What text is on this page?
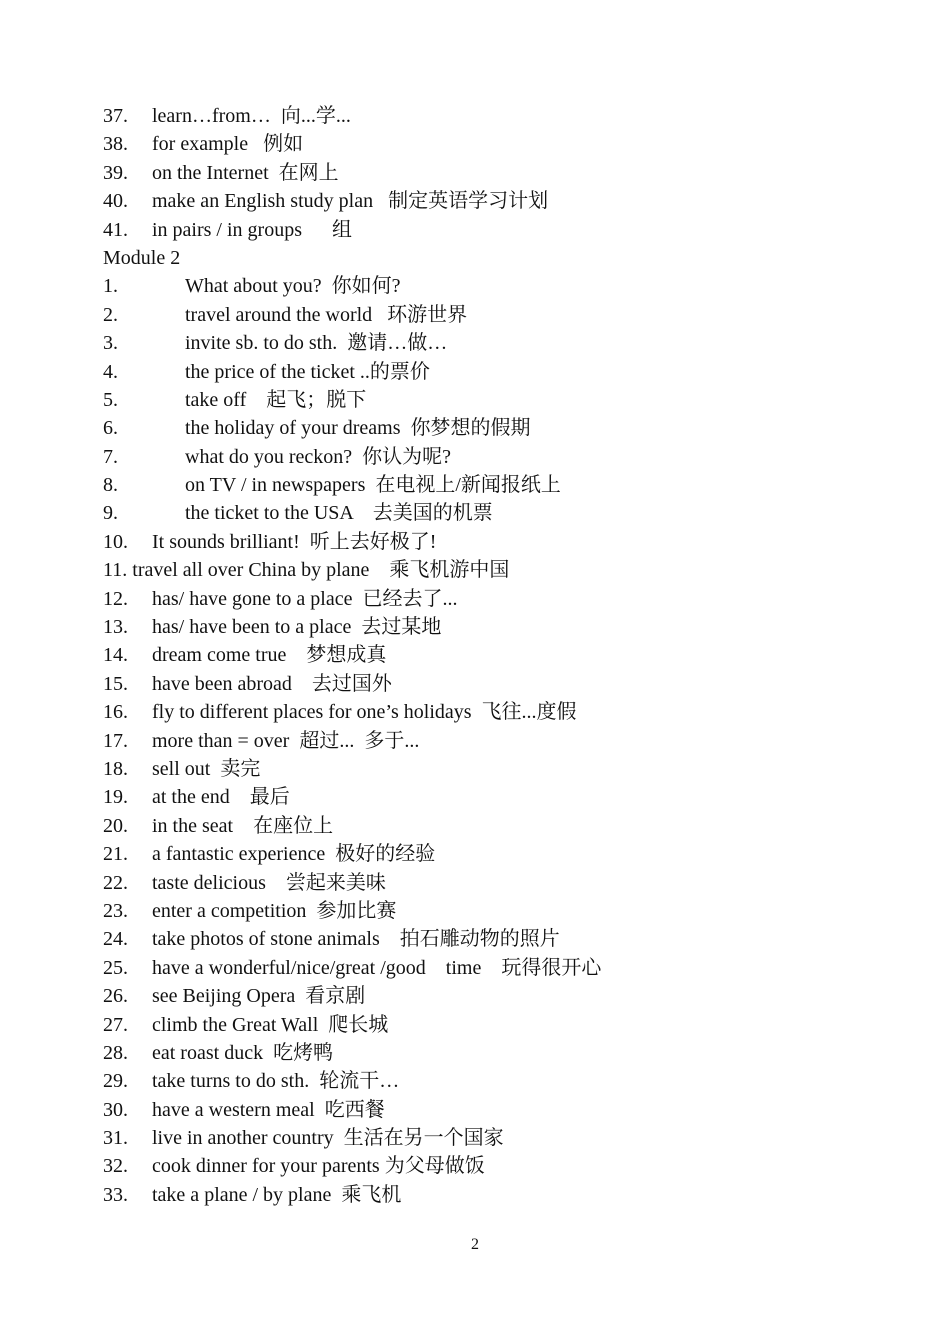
37. learn…from…  向...学...
38. for example   例如
39. on the Internet  在网上
40. make an English study plan   制定英语学习计划
41. in pairs / in groups      组
Module 2
1.	What about you?  你如何?
2.	travel around the world   环游世界
3.	invite sb. to do sth.  邀请…做…
4.	the price of the ticket ..的票价
5.	take off    起飞；脱下
6.	the holiday of your dreams  你梦想的假期
7.	what do you reckon?  你认为呢?
8.	on TV / in newspapers  在电视上/新闻报纸上
9.	the ticket to the USA    去美国的机票
10. It sounds brilliant!  听上去好极了!
11. travel all over China by plane    乘飞机游中国
12. has/ have gone to a place  已经去了...
13. has/ have been to a place  去过某地
14. dream come true    梦想成真
15. have been abroad    去过国外
16. fly to different places for one’s holidays  飞往...度假
17. more than = over  超过...  多于...
18. sell out  卖完
19. at the end    最后
20. in the seat    在座位上
21. a fantastic experience  极好的经验
22. taste delicious    尝起来美味
23. enter a competition  参加比赛
24. take photos of stone animals    拍石雕动物的照片
25. have a wonderful/nice/great /good    time    玩得很开心
26. see Beijing Opera  看京剧
27. climb the Great Wall  爬长城
28. eat roast duck  吃烤鸭
29. take turns to do sth.  轮流干…
30. have a western meal  吃西餐
31. live in another country  生活在另一个国家
32. cook dinner for your parents 为父母做饭
33. take a plane / by plane  乘飞机
2
